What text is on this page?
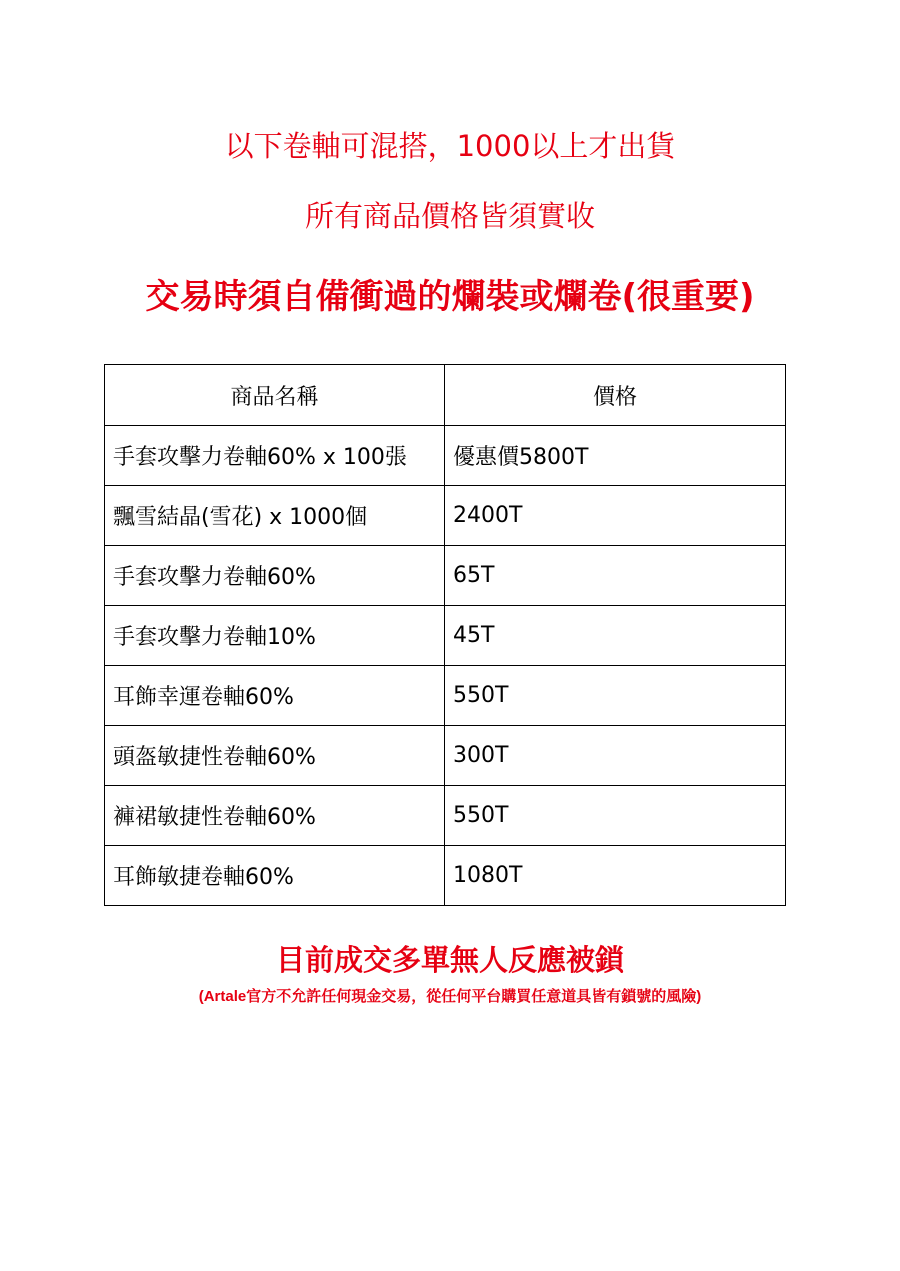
以下卷軸可混搭，1000以上才出貨
所有商品價格皆須實收
交易時須自備衝過的爛裝或爛卷(很重要)
商品名稱	價格
手套攻擊力卷軸60% x 100張	優惠價5800T
飄雪結晶(雪花) x 1000個	2400T
手套攻擊力卷軸60%	65T
手套攻擊力卷軸10%	45T
耳飾幸運卷軸60%	550T
頭盔敏捷性卷軸60%	300T
褲裙敏捷性卷軸60%	550T
耳飾敏捷卷軸60%	1080T
目前成交多單無人反應被鎖
(Artale官方不允許任何現金交易，從任何平台購買任意道具皆有鎖號的風險)
